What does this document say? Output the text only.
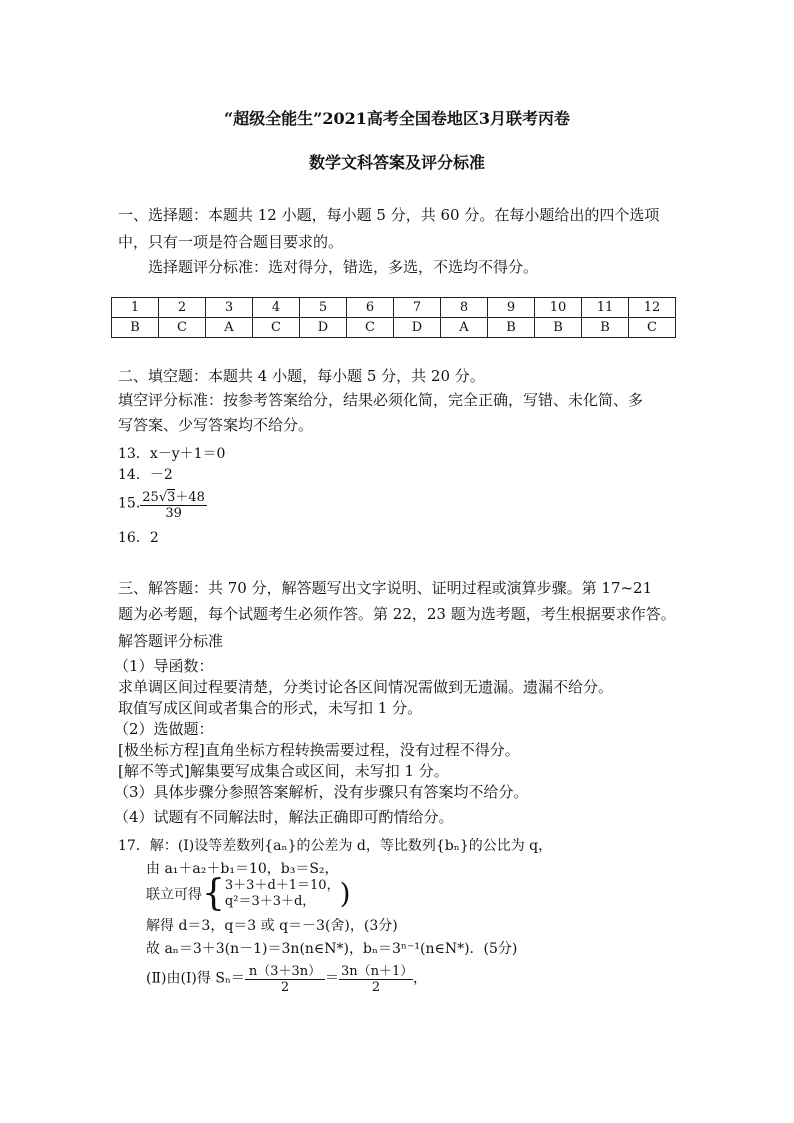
“超级全能生”2021高考全国卷地区3月联考丙卷
数学文科答案及评分标准
一、选择题：本题共 12 小题，每小题 5 分，共 60 分。在每小题给出的四个选项
中，只有一项是符合题目要求的。
选择题评分标准：选对得分，错选，多选，不选均不得分。
1	2	3	4	5	6	7	8	9	10	11	12
B	C	A	C	D	C	D	A	B	B	B	C
二、填空题：本题共 4 小题，每小题 5 分，共 20 分。
填空评分标准：按参考答案给分，结果必须化简，完全正确，写错、未化简、多
写答案、少写答案均不给分。
13．x－y＋1＝0
14．－2
15. $\frac{25√3+48}{39}$
16．2
三、解答题：共 70 分，解答题写出文字说明、证明过程或演算步骤。第 17~21
题为必考题，每个试题考生必须作答。第 22，23 题为选考题，考生根据要求作答。
解答题评分标准
（1）导函数：
求单调区间过程要清楚，分类讨论各区间情况需做到无遗漏。遗漏不给分。
取值写成区间或者集合的形式，未写扣 1 分。
（2）选做题：
[极坐标方程]直角坐标方程转换需要过程，没有过程不得分。
[解不等式]解集要写成集合或区间，未写扣 1 分。
（3）具体步骤分参照答案解析，没有步骤只有答案均不给分。
（4）试题有不同解法时，解法正确即可酌情给分。
17．解：(Ⅰ)设等差数列{aₙ}的公差为 d，等比数列{bₙ}的公比为 q，
由 a₁＋a₂＋b₁＝10，b₃＝S₂，
联立可得{ 3＋3＋d＋1＝10，
q²＝3＋3＋d， )
解得 d＝3，q＝3 或 q＝－3(舍)，(3分)
故 aₙ＝3＋3(n－1)＝3n(n∈N*)，bₙ＝3ⁿ⁻¹(n∈N*)．(5分)
(Ⅱ)由(Ⅰ)得 $S_n= \frac{n(3+3n)}{2} = \frac{3n(n+1)}{2}$ ，
